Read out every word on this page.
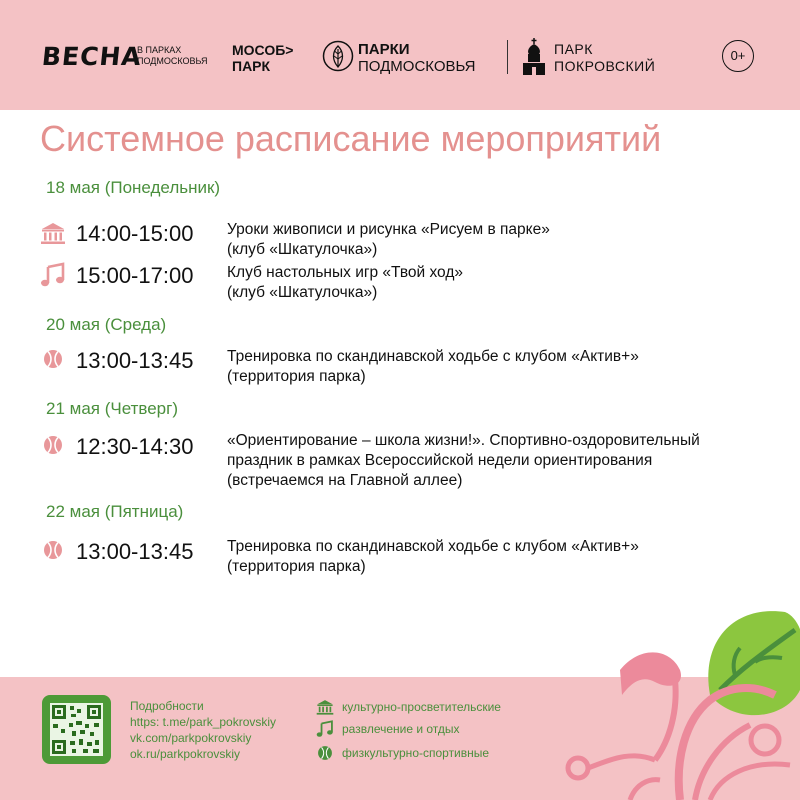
ВЕСНА
В ПАРКАХ
ПОДМОСКОВЬЯ
МОСОБ>
ПАРК
ПАРКИ
ПОДМОСКОВЬЯ
ПАРК
ПОКРОВСКИЙ
0+
Системное расписание мероприятий
18 мая (Понедельник)
14:00-15:00 Уроки живописи и рисунка «Рисуем в парке»
(клуб «Шкатулочка»)
15:00-17:00 Клуб настольных игр «Твой ход»
(клуб «Шкатулочка»)
20 мая (Среда)
13:00-13:45 Тренировка по скандинавской ходьбе с клубом «Актив+»
(территория парка)
21 мая (Четверг)
12:30-14:30 «Ориентирование – школа жизни!». Спортивно-оздоровительный
праздник в рамках Всероссийской недели ориентирования
(встречаемся на Главной аллее)
22 мая (Пятница)
13:00-13:45 Тренировка по скандинавской ходьбе с клубом «Актив+»
(территория парка)
Подробности
https: t.me/park_pokrovskiy
vk.com/parkpokrovskiy
ok.ru/parkpokrovskiy
культурно-просветительские
развлечение и отдых
физкультурно-спортивные
